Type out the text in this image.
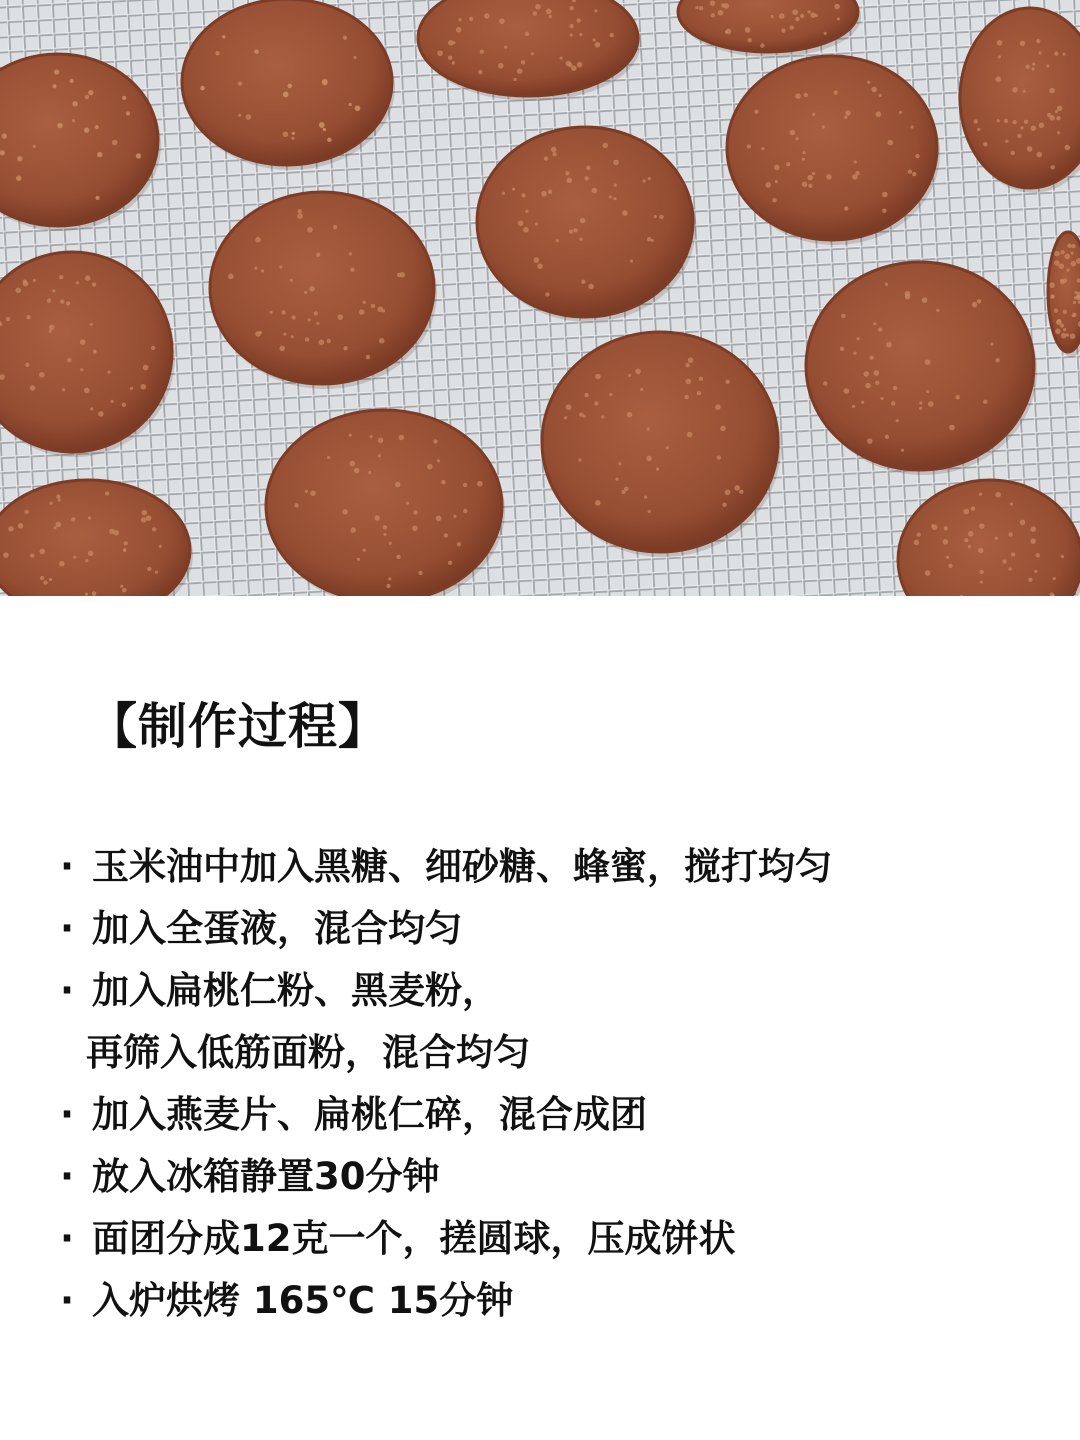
【制作过程】
· 玉米油中加入黑糖、细砂糖、蜂蜜，搅打均匀
· 加入全蛋液，混合均匀
· 加入扁桃仁粉、黑麦粉，
再筛入低筋面粉，混合均匀
· 加入燕麦片、扁桃仁碎，混合成团
· 放入冰箱静置30分钟
· 面团分成12克一个，搓圆球，压成饼状
· 入炉烘烤 165℃ 15分钟
